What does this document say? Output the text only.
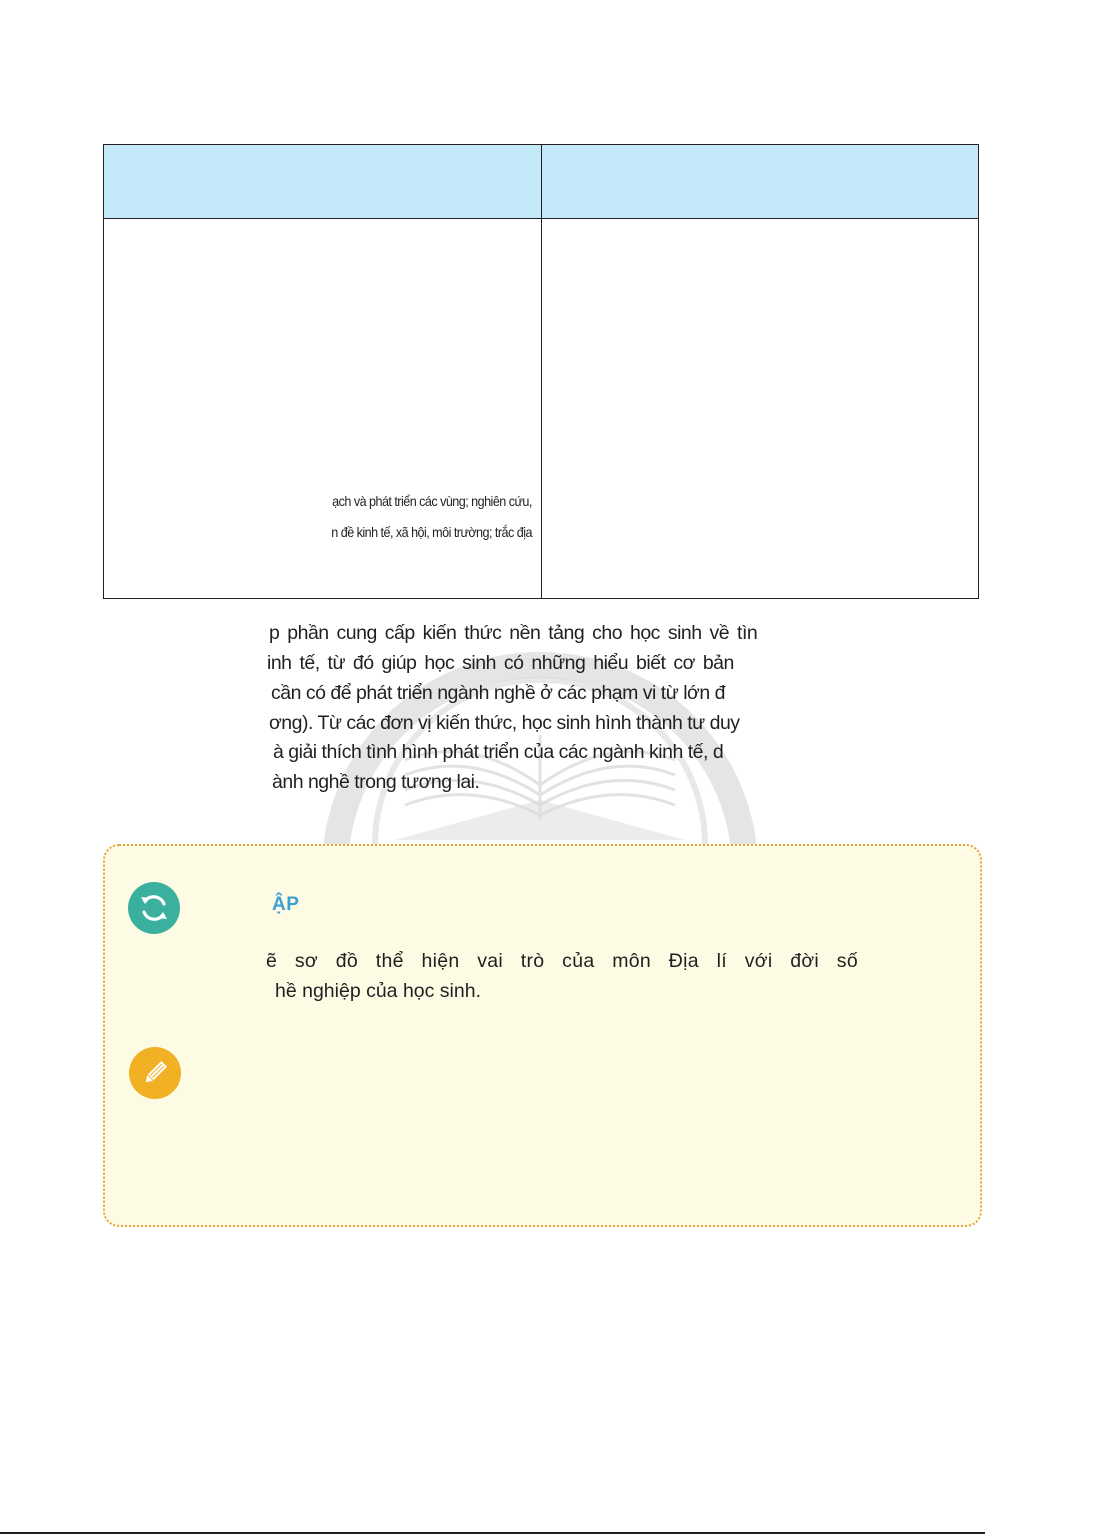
ạch và phát triển các vùng; nghiên cứu,
n đề kinh tế, xã hội, môi trường; trắc địa
p phần cung cấp kiến thức nền tảng cho học sinh về tìn
inh tế, từ đó giúp học sinh có những hiểu biết cơ bản
cần có để phát triển ngành nghề ở các phạm vi từ lớn đ
ơng). Từ các đơn vị kiến thức, học sinh hình thành tư duy
à giải thích tình hình phát triển của các ngành kinh tế, d
ành nghề trong tương lai.
ẬP
ẽ sơ đồ thể hiện vai trò của môn Địa lí với đời số
hề nghiệp của học sinh.
